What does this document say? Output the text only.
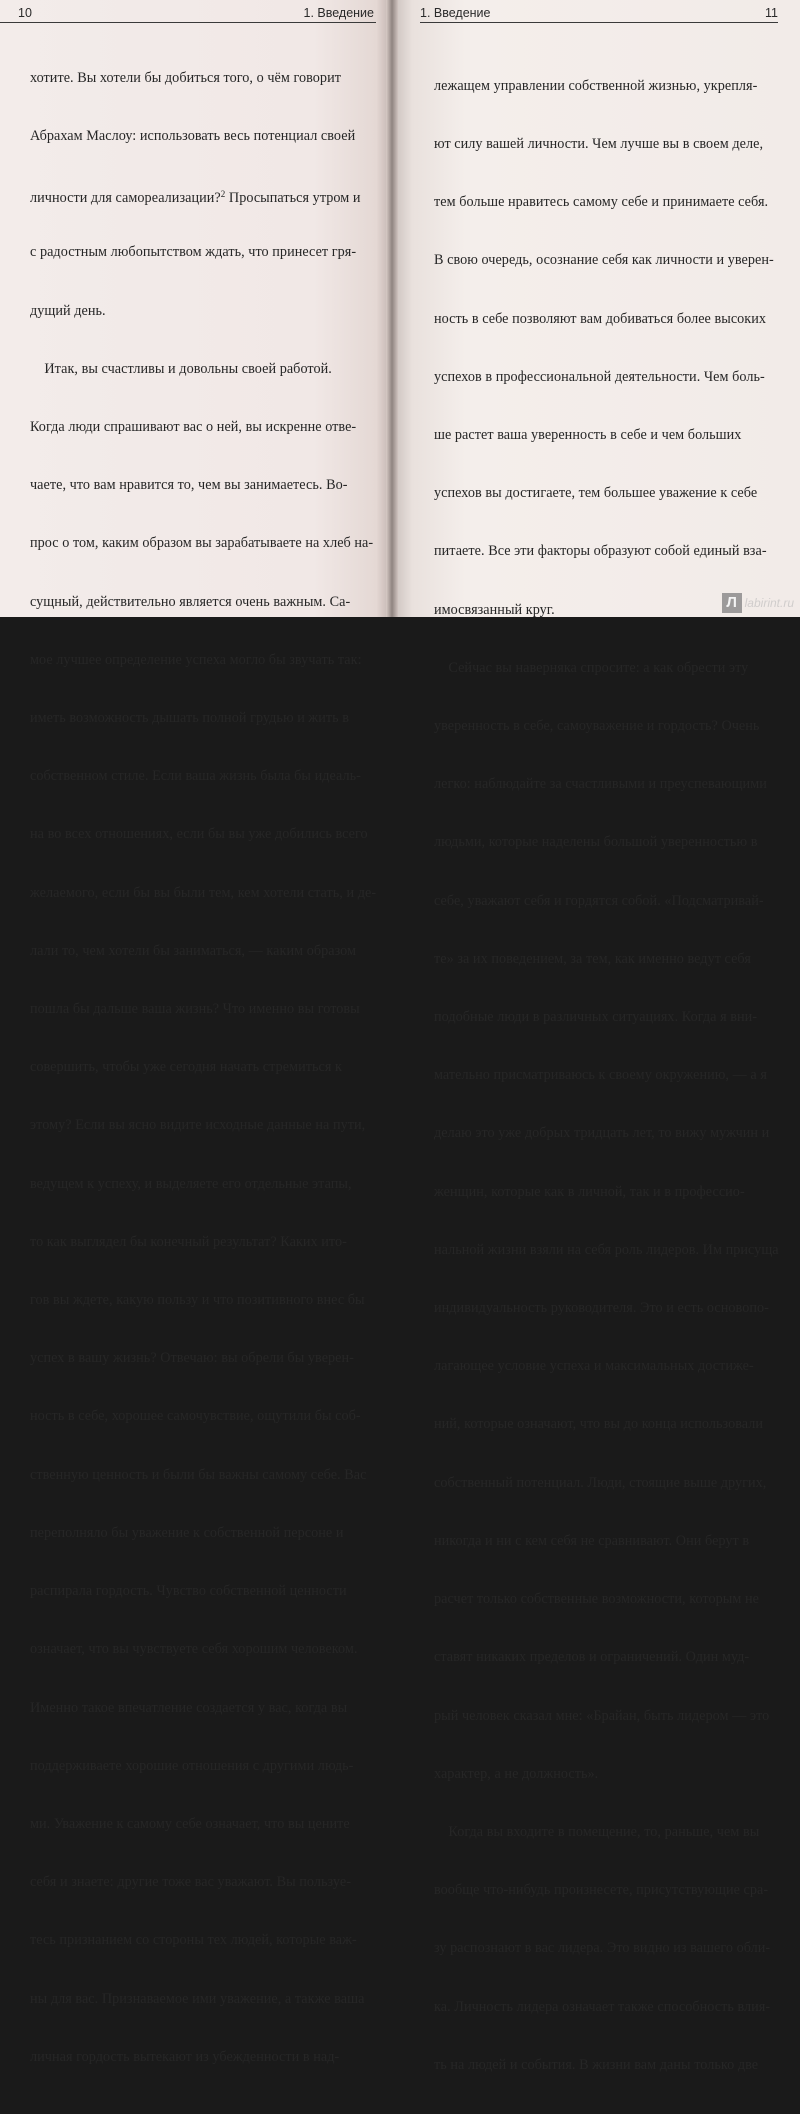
10	1. Введение

хотите. Вы хотели бы добиться того, о чём говорит

Абрахам Маслоу: использовать весь потенциал своей

личности для самореализации?$^2$ Просыпаться утром и

с радостным любопытством ждать, что принесет гря-

дущий день.

Итак, вы счастливы и довольны своей работой.

Когда люди спрашивают вас о ней, вы искренне отве-

чаете, что вам нравится то, чем вы занимаетесь. Во-

прос о том, каким образом вы зарабатываете на хлеб на-

сущный, действительно является очень важным. Са-

мое лучшее определение успеха могло бы звучать так:

иметь возможность дышать полной грудью и жить в

собственном стиле. Если ваша жизнь была бы идеаль-

на во всех отношениях, если бы вы уже добились всего

желаемого, если бы вы были тем, кем хотели стать, и де-

лали то, чем хотели бы заниматься, — каким образом

пошла бы дальше ваша жизнь? Что именно вы готовы

совершить, чтобы уже сегодня начать стремиться к

этому? Если вы ясно видите исходные данные на пути,

ведущем к успеху, и выделяете его отдельные этапы,

то как выглядел бы конечный результат? Каких ито-

гов вы ждете, какую пользу и что позитивного внес бы

успех в вашу жизнь? Отвечаю: вы обрели бы уверен-

ность в себе, хорошее самочувствие, ощутили бы соб-

ственную ценность и были бы важны самому себе. Вас

переполняло бы уважение к собственной персоне и

распирала гордость. Чувство собственной ценности

означает, что вы чувствуете себя хорошим человеком.

Именно такое впечатление создается у вас, когда вы

поддерживаете хорошие отношения с другими людь-

ми. Уважение к самому себе означает, что вы цените

себя и знаете: другие тоже вас уважают. Вы пользуе-

тесь признанием со стороны тех людей, которые важ-

ны для вас. Признаваемое ими уважение, а также ваша

личная гордость вытекают из убежденности в над-

1. Введение	11

лежащем управлении собственной жизнью, укрепля-

ют силу вашей личности. Чем лучше вы в своем деле,

тем больше нравитесь самому себе и принимаете себя.

В свою очередь, осознание себя как личности и уверен-

ность в себе позволяют вам добиваться более высоких

успехов в профессиональной деятельности. Чем боль-

ше растет ваша уверенность в себе и чем больших

успехов вы достигаете, тем большее уважение к себе

питаете. Все эти факторы образуют собой единый вза-

имосвязанный круг.

Сейчас вы наверняка спросите: а как обрести эту

уверенность в себе, самоуважение и гордость? Очень

легко: наблюдайте за счастливыми и преуспевающими

людьми, которые наделены большой уверенностью в

себе, уважают себя и гордятся собой. «Подсматривай-

те» за их поведением, за тем, как именно ведут себя

подобные люди в различных ситуациях. Когда я вни-

мательно присматриваюсь к своему окружению, — а я

делаю это уже добрых тридцать лет, то вижу мужчин и

женщин, которые как в личной, так и в профессио-

нальной жизни взяли на себя роль лидеров. Им присуща

индивидуальность руководителя. Это и есть основопо-

лагающее условие успеха и максимальных достиже-

ний, которые означают, что вы до конца использовали

собственный потенциал. Люди, стоящие выше других,

никогда и ни с кем себя не сравнивают. Они берут в

расчет только собственные возможности, которым не

ставят никаких пределов и ограничений. Один муд-

рый человек сказал мне: «Брайан, быть лидером — это

характер, а не должность».

Когда вы входите в помещение, то, раньше, чем вы

вообще что-нибудь произнесете, присутствующие сра-

зу распознают в вас лидера. Это видно из вашего обли-

ка. Личность лидера означает также способность влия-

ть на людей и события. В жизни вам даны только две

Л labirint.ru
